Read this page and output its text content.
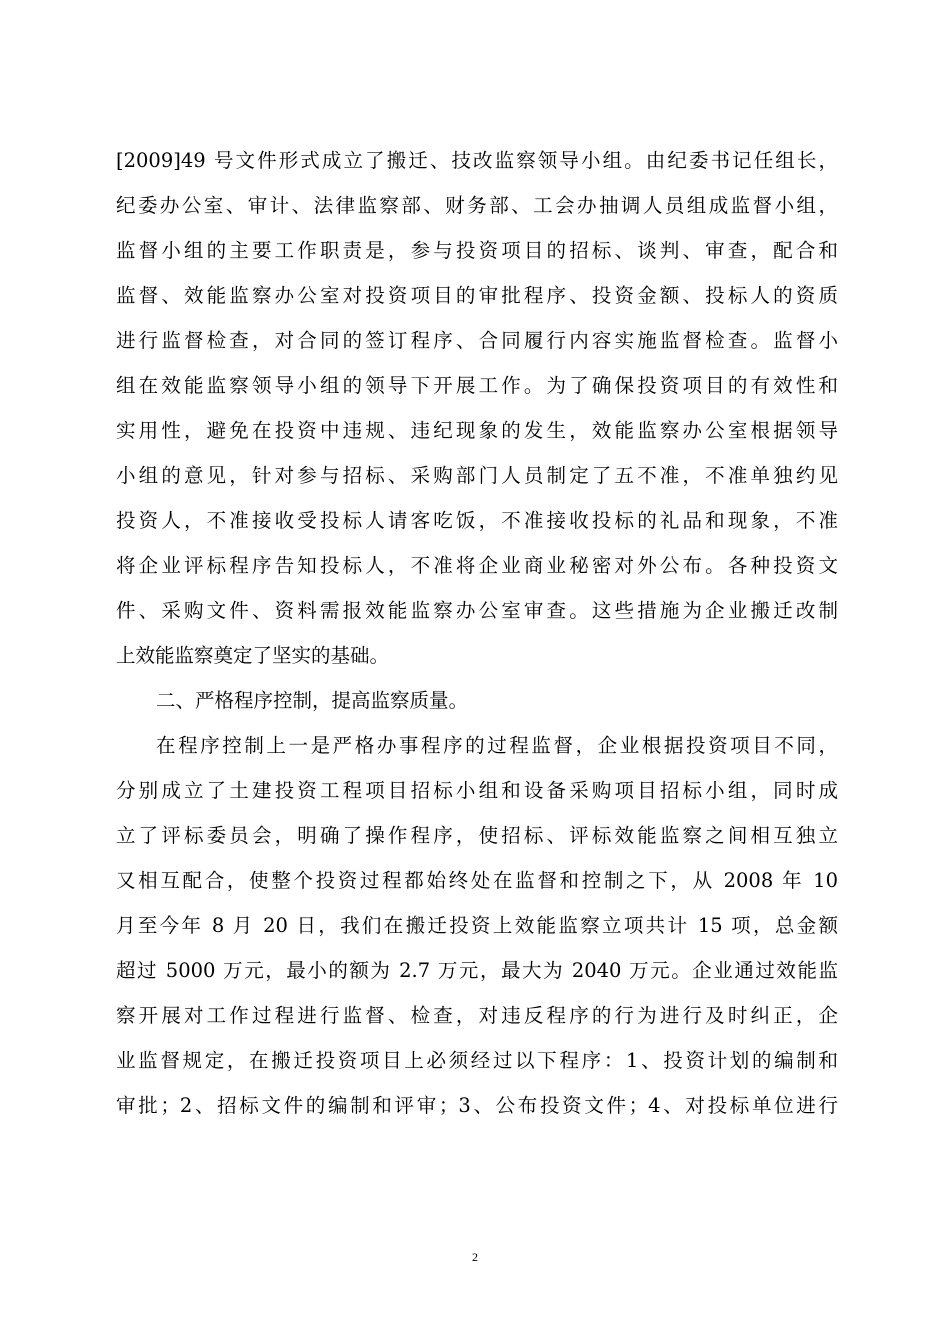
[2009]49 号文件形式成立了搬迁、技改监察领导小组。由纪委书记任组长，
纪委办公室、审计、法律监察部、财务部、工会办抽调人员组成监督小组，
监督小组的主要工作职责是，参与投资项目的招标、谈判、审查，配合和
监督、效能监察办公室对投资项目的审批程序、投资金额、投标人的资质
进行监督检查，对合同的签订程序、合同履行内容实施监督检查。监督小
组在效能监察领导小组的领导下开展工作。为了确保投资项目的有效性和
实用性，避免在投资中违规、违纪现象的发生，效能监察办公室根据领导
小组的意见，针对参与招标、采购部门人员制定了五不准，不准单独约见
投资人，不准接收受投标人请客吃饭，不准接收投标的礼品和现象，不准
将企业评标程序告知投标人，不准将企业商业秘密对外公布。各种投资文
件、采购文件、资料需报效能监察办公室审查。这些措施为企业搬迁改制
上效能监察奠定了坚实的基础。
二、严格程序控制，提高监察质量。
在程序控制上一是严格办事程序的过程监督，企业根据投资项目不同，
分别成立了土建投资工程项目招标小组和设备采购项目招标小组，同时成
立了评标委员会，明确了操作程序，使招标、评标效能监察之间相互独立
又相互配合，使整个投资过程都始终处在监督和控制之下，从 2008 年 10
月至今年 8 月 20 日，我们在搬迁投资上效能监察立项共计 15 项，总金额
超过 5000 万元，最小的额为 2.7 万元，最大为 2040 万元。企业通过效能监
察开展对工作过程进行监督、检查，对违反程序的行为进行及时纠正，企
业监督规定，在搬迁投资项目上必须经过以下程序：1、投资计划的编制和
审批；2、招标文件的编制和评审；3、公布投资文件；4、对投标单位进行
2
